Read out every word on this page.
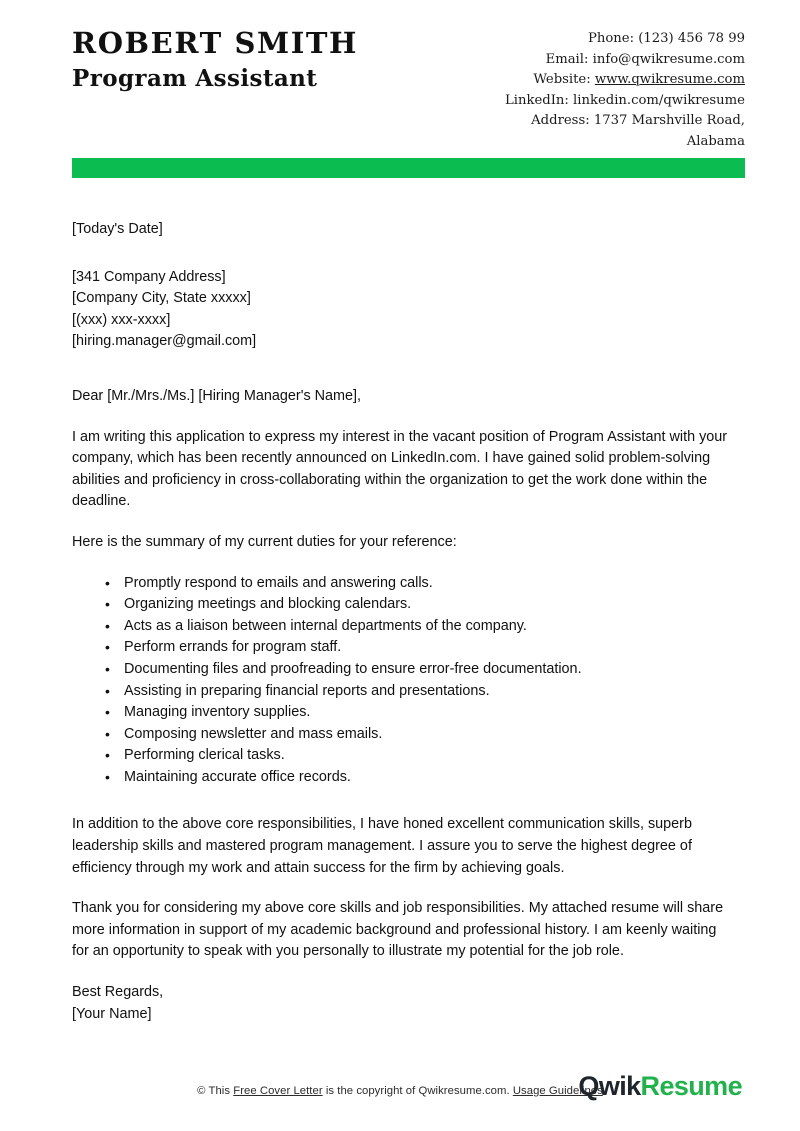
ROBERT SMITH
Program Assistant
Phone: (123) 456 78 99
Email: info@qwikresume.com
Website: www.qwikresume.com
LinkedIn: linkedin.com/qwikresume
Address: 1737 Marshville Road,
Alabama
[Today's Date]
[341 Company Address]
[Company City, State xxxxx]
[(xxx) xxx-xxxx]
[hiring.manager@gmail.com]
Dear [Mr./Mrs./Ms.] [Hiring Manager's Name],

I am writing this application to express my interest in the vacant position of Program Assistant with your company, which has been recently announced on LinkedIn.com. I have gained solid problem-solving abilities and proficiency in cross-collaborating within the organization to get the work done within the deadline.

Here is the summary of my current duties for your reference:
• Promptly respond to emails and answering calls.
• Organizing meetings and blocking calendars.
• Acts as a liaison between internal departments of the company.
• Perform errands for program staff.
• Documenting files and proofreading to ensure error-free documentation.
• Assisting in preparing financial reports and presentations.
• Managing inventory supplies.
• Composing newsletter and mass emails.
• Performing clerical tasks.
• Maintaining accurate office records.

In addition to the above core responsibilities, I have honed excellent communication skills, superb leadership skills and mastered program management. I assure you to serve the highest degree of efficiency through my work and attain success for the firm by achieving goals.

Thank you for considering my above core skills and job responsibilities. My attached resume will share more information in support of my academic background and professional history. I am keenly waiting for an opportunity to speak with you personally to illustrate my potential for the job role.

Best Regards,
[Your Name]
© This Free Cover Letter is the copyright of Qwikresume.com. Usage Guidelines
QwikResume
